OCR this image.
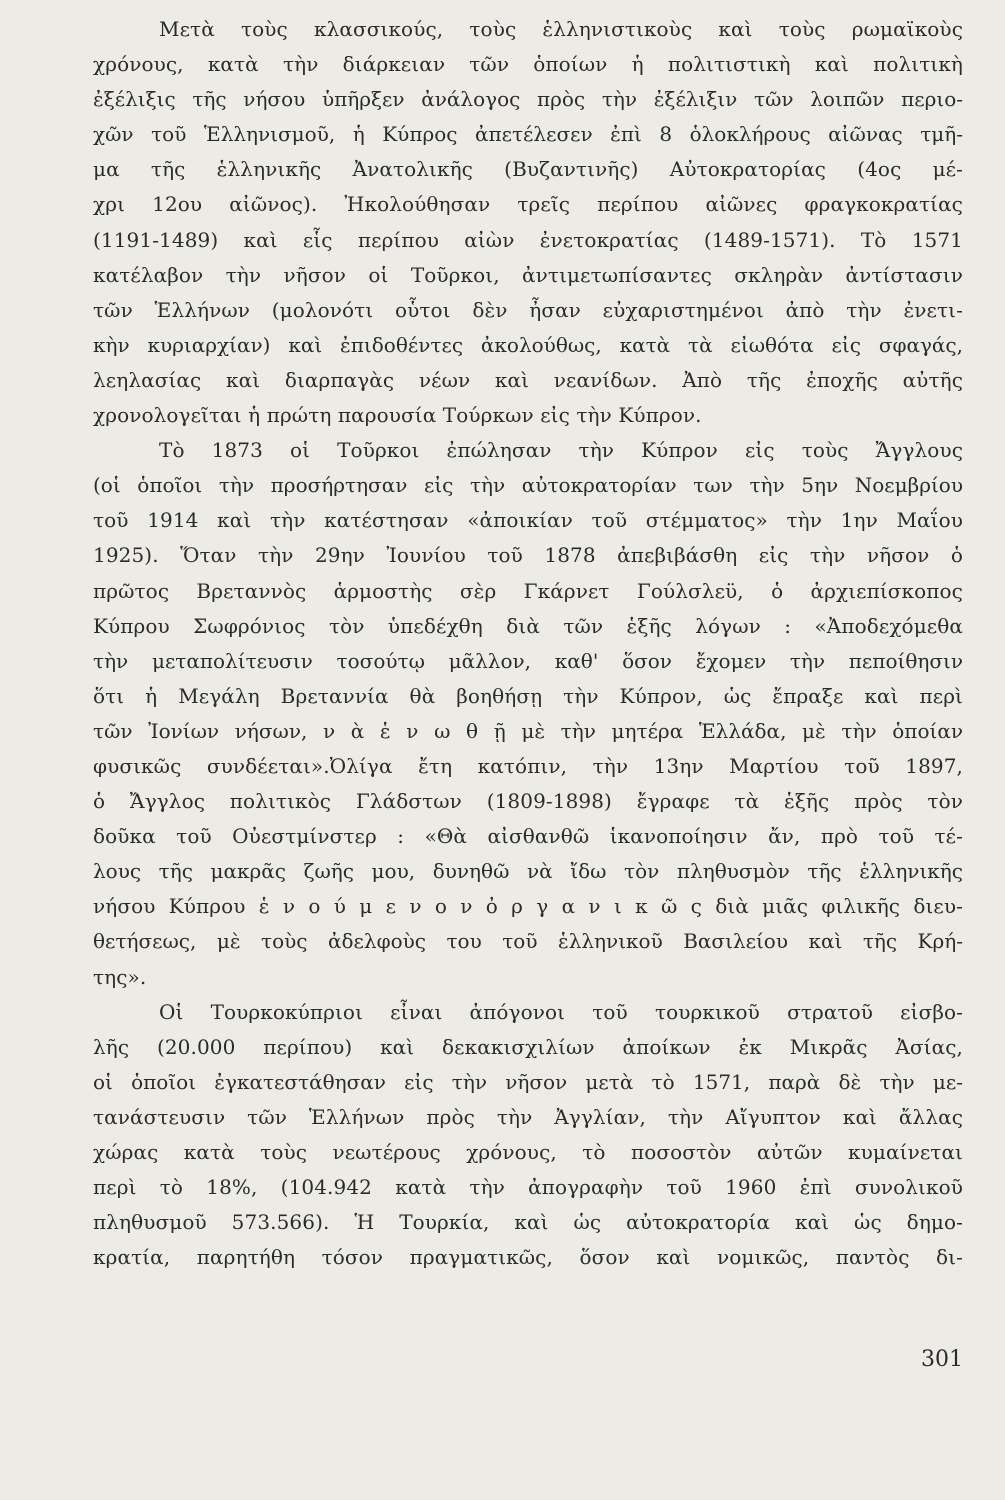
Μετὰ τοὺς κλασσικούς, τοὺς ἑλληνιστικοὺς καὶ τοὺς ρωμαϊκοὺς
χρόνους, κατὰ τὴν διάρκειαν τῶν ὁποίων ἡ πολιτιστικὴ καὶ πολιτικὴ
ἐξέλιξις τῆς νήσου ὑπῆρξεν ἀνάλογος πρὸς τὴν ἐξέλιξιν τῶν λοιπῶν περιο-
χῶν τοῦ Ἑλληνισμοῦ, ἡ Κύπρος ἀπετέλεσεν ἐπὶ 8 ὁλοκλήρους αἰῶνας τμῆ-
μα τῆς ἑλληνικῆς Ἀνατολικῆς (Βυζαντινῆς) Αὐτοκρατορίας (4ος μέ-
χρι 12ου αἰῶνος). Ἠκολούθησαν τρεῖς περίπου αἰῶνες φραγκοκρατίας
(1191-1489) καὶ εἷς περίπου αἰὼν ἐνετοκρατίας (1489-1571). Τὸ 1571
κατέλαβον τὴν νῆσον οἱ Τοῦρκοι, ἀντιμετωπίσαντες σκληρὰν ἀντίστασιν
τῶν Ἑλλήνων (μολονότι οὗτοι δὲν ἦσαν εὐχαριστημένοι ἀπὸ τὴν ἐνετι-
κὴν κυριαρχίαν) καὶ ἐπιδοθέντες ἀκολούθως, κατὰ τὰ εἰωθότα εἰς σφαγάς,
λεηλασίας καὶ διαρπαγὰς νέων καὶ νεανίδων. Ἀπὸ τῆς ἐποχῆς αὐτῆς
χρονολογεῖται ἡ πρώτη παρουσία Τούρκων εἰς τὴν Κύπρον.
Τὸ 1873 οἱ Τοῦρκοι ἐπώλησαν τὴν Κύπρον εἰς τοὺς Ἄγγλους
(οἱ ὁποῖοι τὴν προσήρτησαν εἰς τὴν αὐτοκρατορίαν των τὴν 5ην Νοεμβρίου
τοῦ 1914 καὶ τὴν κατέστησαν «ἀποικίαν τοῦ στέμματος» τὴν 1ην Μαΐου
1925). Ὅταν τὴν 29ην Ἰουνίου τοῦ 1878 ἀπεβιβάσθη εἰς τὴν νῆσον ὁ
πρῶτος Βρεταννὸς ἁρμοστὴς σὲρ Γκάρνετ Γούλσλεϋ, ὁ ἀρχιεπίσκοπος
Κύπρου Σωφρόνιος τὸν ὑπεδέχθη διὰ τῶν ἑξῆς λόγων : «Ἀποδεχόμεθα
τὴν μεταπολίτευσιν τοσούτῳ μᾶλλον, καθ' ὅσον ἔχομεν τὴν πεποίθησιν
ὅτι ἡ Μεγάλη Βρεταννία θὰ βοηθήσῃ τὴν Κύπρον, ὡς ἔπραξε καὶ περὶ
τῶν Ἰονίων νήσων, ν ὰ ἑ ν ω θ ῇ μὲ τὴν μητέρα Ἑλλάδα, μὲ τὴν ὁποίαν
φυσικῶς συνδέεται».Ὀλίγα ἔτη κατόπιν, τὴν 13ην Μαρτίου τοῦ 1897,
ὁ Ἄγγλος πολιτικὸς Γλάδστων (1809-1898) ἔγραφε τὰ ἑξῆς πρὸς τὸν
δοῦκα τοῦ Οὐεστμίνστερ : «Θὰ αἰσθανθῶ ἱκανοποίησιν ἄν, πρὸ τοῦ τέ-
λους τῆς μακρᾶς ζωῆς μου, δυνηθῶ νὰ ἴδω τὸν πληθυσμὸν τῆς ἑλληνικῆς
νήσου Κύπρου ἑ ν ο ύ μ ε ν ο ν ὀ ρ γ α ν ι κ ῶ ς διὰ μιᾶς φιλικῆς διευ-
θετήσεως, μὲ τοὺς ἀδελφοὺς του τοῦ ἑλληνικοῦ Βασιλείου καὶ τῆς Κρή-
της».
Οἱ Τουρκοκύπριοι εἶναι ἀπόγονοι τοῦ τουρκικοῦ στρατοῦ εἰσβο-
λῆς (20.000 περίπου) καὶ δεκακισχιλίων ἀποίκων ἐκ Μικρᾶς Ἀσίας,
οἱ ὁποῖοι ἐγκατεστάθησαν εἰς τὴν νῆσον μετὰ τὸ 1571, παρὰ δὲ τὴν με-
τανάστευσιν τῶν Ἑλλήνων πρὸς τὴν Ἀγγλίαν, τὴν Αἴγυπτον καὶ ἄλλας
χώρας κατὰ τοὺς νεωτέρους χρόνους, τὸ ποσοστὸν αὐτῶν κυμαίνεται
περὶ τὸ 18%, (104.942 κατὰ τὴν ἀπογραφὴν τοῦ 1960 ἐπὶ συνολικοῦ
πληθυσμοῦ 573.566). Ἡ Τουρκία, καὶ ὡς αὐτοκρατορία καὶ ὡς δημο-
κρατία, παρητήθη τόσον πραγματικῶς, ὅσον καὶ νομικῶς, παντὸς δι-
301
